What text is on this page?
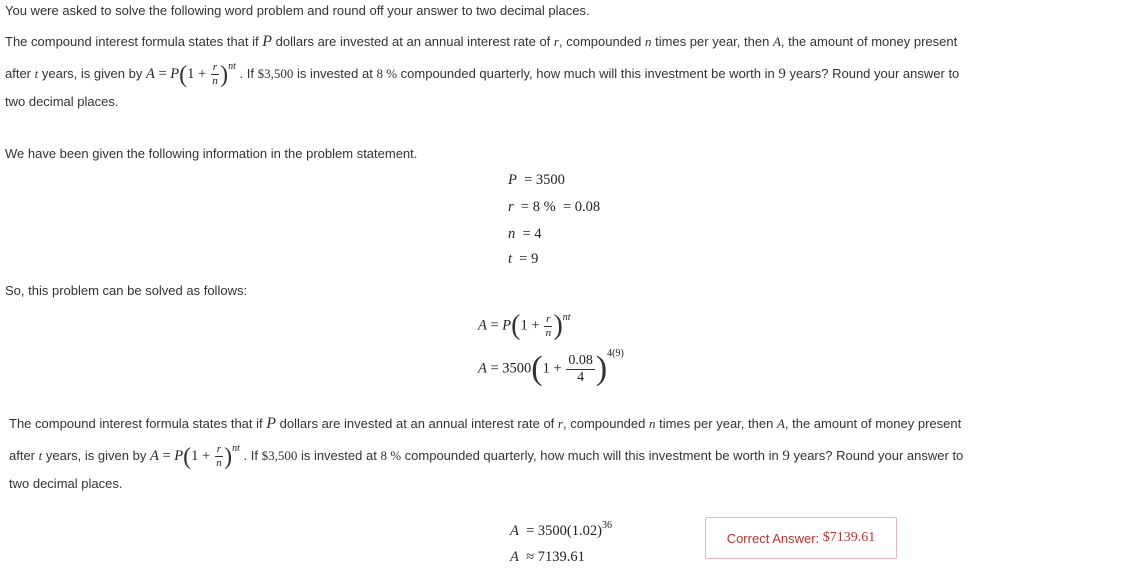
You were asked to solve the following word problem and round off your answer to two decimal places.
The compound interest formula states that if P dollars are invested at an annual interest rate of r, compounded n times per year, then A, the amount of money present
after t years, is given by $A = P(1 + \frac{r}{n} )^{nt}$ . If $3,500 is invested at 8 % compounded quarterly, how much will this investment be worth in 9 years? Round your answer to
two decimal places.
We have been given the following information in the problem statement.
P = 3500
r = 8 % = 0.08
n = 4
t = 9
So, this problem can be solved as follows:
$A = P(1 + \frac{r}{n} )^{nt}$
$A = 3500(1 + \frac{0.08}{4} )^{4(9)}$
The compound interest formula states that if P dollars are invested at an annual interest rate of r, compounded n times per year, then A, the amount of money present
after t years, is given by $A = P(1 + \frac{r}{n} )^{nt}$ . If $3,500 is invested at 8 % compounded quarterly, how much will this investment be worth in 9 years? Round your answer to
two decimal places.
$A = 3500(1.02)^{36}$
A ≈ 7139.61
Correct Answer:
$7139.61
